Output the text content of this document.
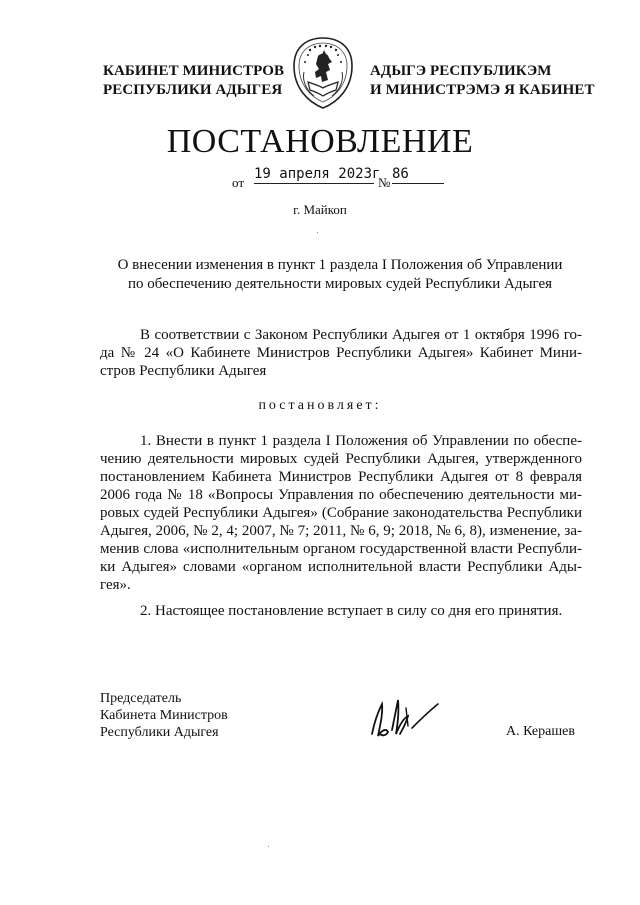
КАБИНЕТ МИНИСТРОВ
РЕСПУБЛИКИ АДЫГЕЯ
АДЫГЭ РЕСПУБЛИКЭМ
И МИНИСТРЭМЭ Я КАБИНЕТ
ПОСТАНОВЛЕНИЕ
от
19 апреля 2023г
№
86
г. Майкоп
О внесении изменения в пункт 1 раздела I Положения об Управлении
по обеспечению деятельности мировых судей Республики Адыгея
В соответствии с Законом Республики Адыгея от 1 октября 1996 го-
да № 24 «О Кабинете Министров Республики Адыгея» Кабинет Мини-
стров Республики Адыгея
постановляет:
1. Внести в пункт 1 раздела I Положения об Управлении по обеспе-
чению деятельности мировых судей Республики Адыгея, утвержденного
постановлением Кабинета Министров Республики Адыгея от 8 февраля
2006 года № 18 «Вопросы Управления по обеспечению деятельности ми-
ровых судей Республики Адыгея» (Собрание законодательства Республики
Адыгея, 2006, № 2, 4; 2007, № 7; 2011, № 6, 9; 2018, № 6, 8), изменение, за-
менив слова «исполнительным органом государственной власти Республи-
ки Адыгея» словами «органом исполнительной власти Республики Ады-
гея».
2. Настоящее постановление вступает в силу со дня его принятия.
Председатель
Кабинета Министров
Республики Адыгея	А. Керашев
